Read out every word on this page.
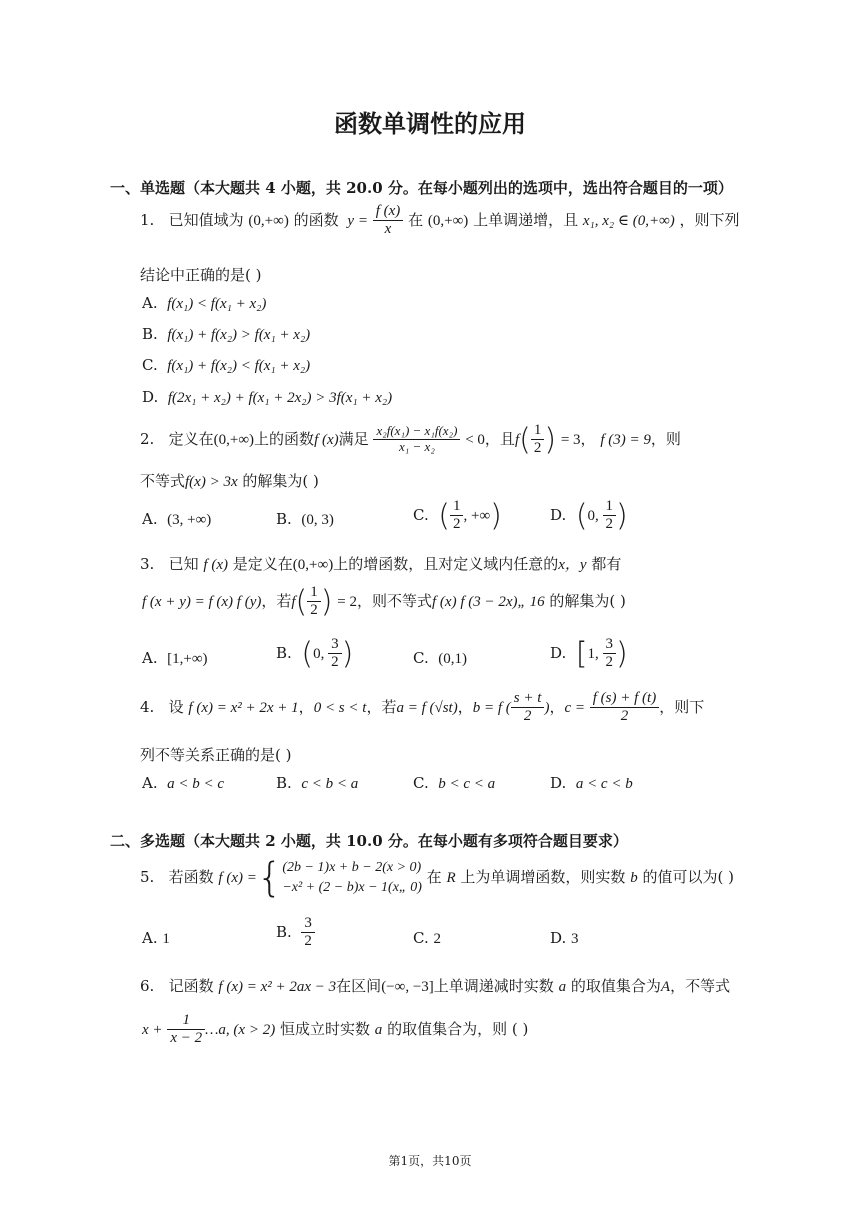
函数单调性的应用
一、单选题（本大题共 4 小题，共 20.0 分。在每小题列出的选项中，选出符合题目的一项）
1. 已知值域为 (0,+∞) 的函数 $y = \frac{f (x)}{x}$ 在 (0,+∞) 上单调递增，且 x₁, x₂ ∈ (0,+∞) ，则下列
结论中正确的是( )
A. f(x₁) < f(x₁ + x₂)
B. f(x₁) + f(x₂) > f(x₁ + x₂)
C. f(x₁) + f(x₂) < f(x₁ + x₂)
D. f(2x₁ + x₂) + f(x₁ + 2x₂) > 3f(x₁ + x₂)
2. 定义在(0,+∞)上的函数f (x)满足 $\frac{\text{x₂f(x₁) − x₁f(x₂)}}{\text{x₁ − x₂}} < 0$，且$f( \frac{1}{2}$ ) = 3， f (3) = 9，则
不等式f(x) > 3x 的解集为( )
A. (3, +∞)	B. (0, 3)	C. ( $\frac{1}{2}$ , +∞)	D. (0, $\frac{1}{2}$ )
3. 已知 f (x) 是定义在(0,+∞)上的增函数，且对定义域内任意的x，y 都有
f (x + y) = f (x) f (y)，若$f( \frac{1}{2}$ ) = 2，则不等式f (x) f (3 − 2x)„ 16 的解集为( )
A. [1,+∞)	B. (0, $\frac{3}{2}$ )	C. (0,1)	D. [1, $\frac{3}{2}$ )
4. 设 f (x) = x² + 2x + 1，0 < s < t，若a = f (√st)，b = f ( $\frac{s + t}{2}$ )，$c = \frac{f (s) + f (t)}{2}$ ，则下
列不等关系正确的是( )
A. a < b < c	B. c < b < a	C. b < c < a	D. a < c < b
二、多选题（本大题共 2 小题，共 10.0 分。在每小题有多项符合题目要求）
5. 若函数 f (x) ={ (2b − 1)x + b − 2(x > 0)
−x² + (2 − b)x − 1(x„ 0)
在 R 上为单调增函数，则实数 b 的值可以为( )
A. 1	B. $\frac{3}{2}$	C. 2	D. 3
6. 记函数 f (x) = x² + 2ax − 3在区间(−∞, −3]上单调递减时实数 a 的取值集合为A，不等式
$x + \frac{1}{x - 2}$ …a, (x > 2) 恒成立时实数 a 的取值集合为，则 ( )
第1页，共10页
